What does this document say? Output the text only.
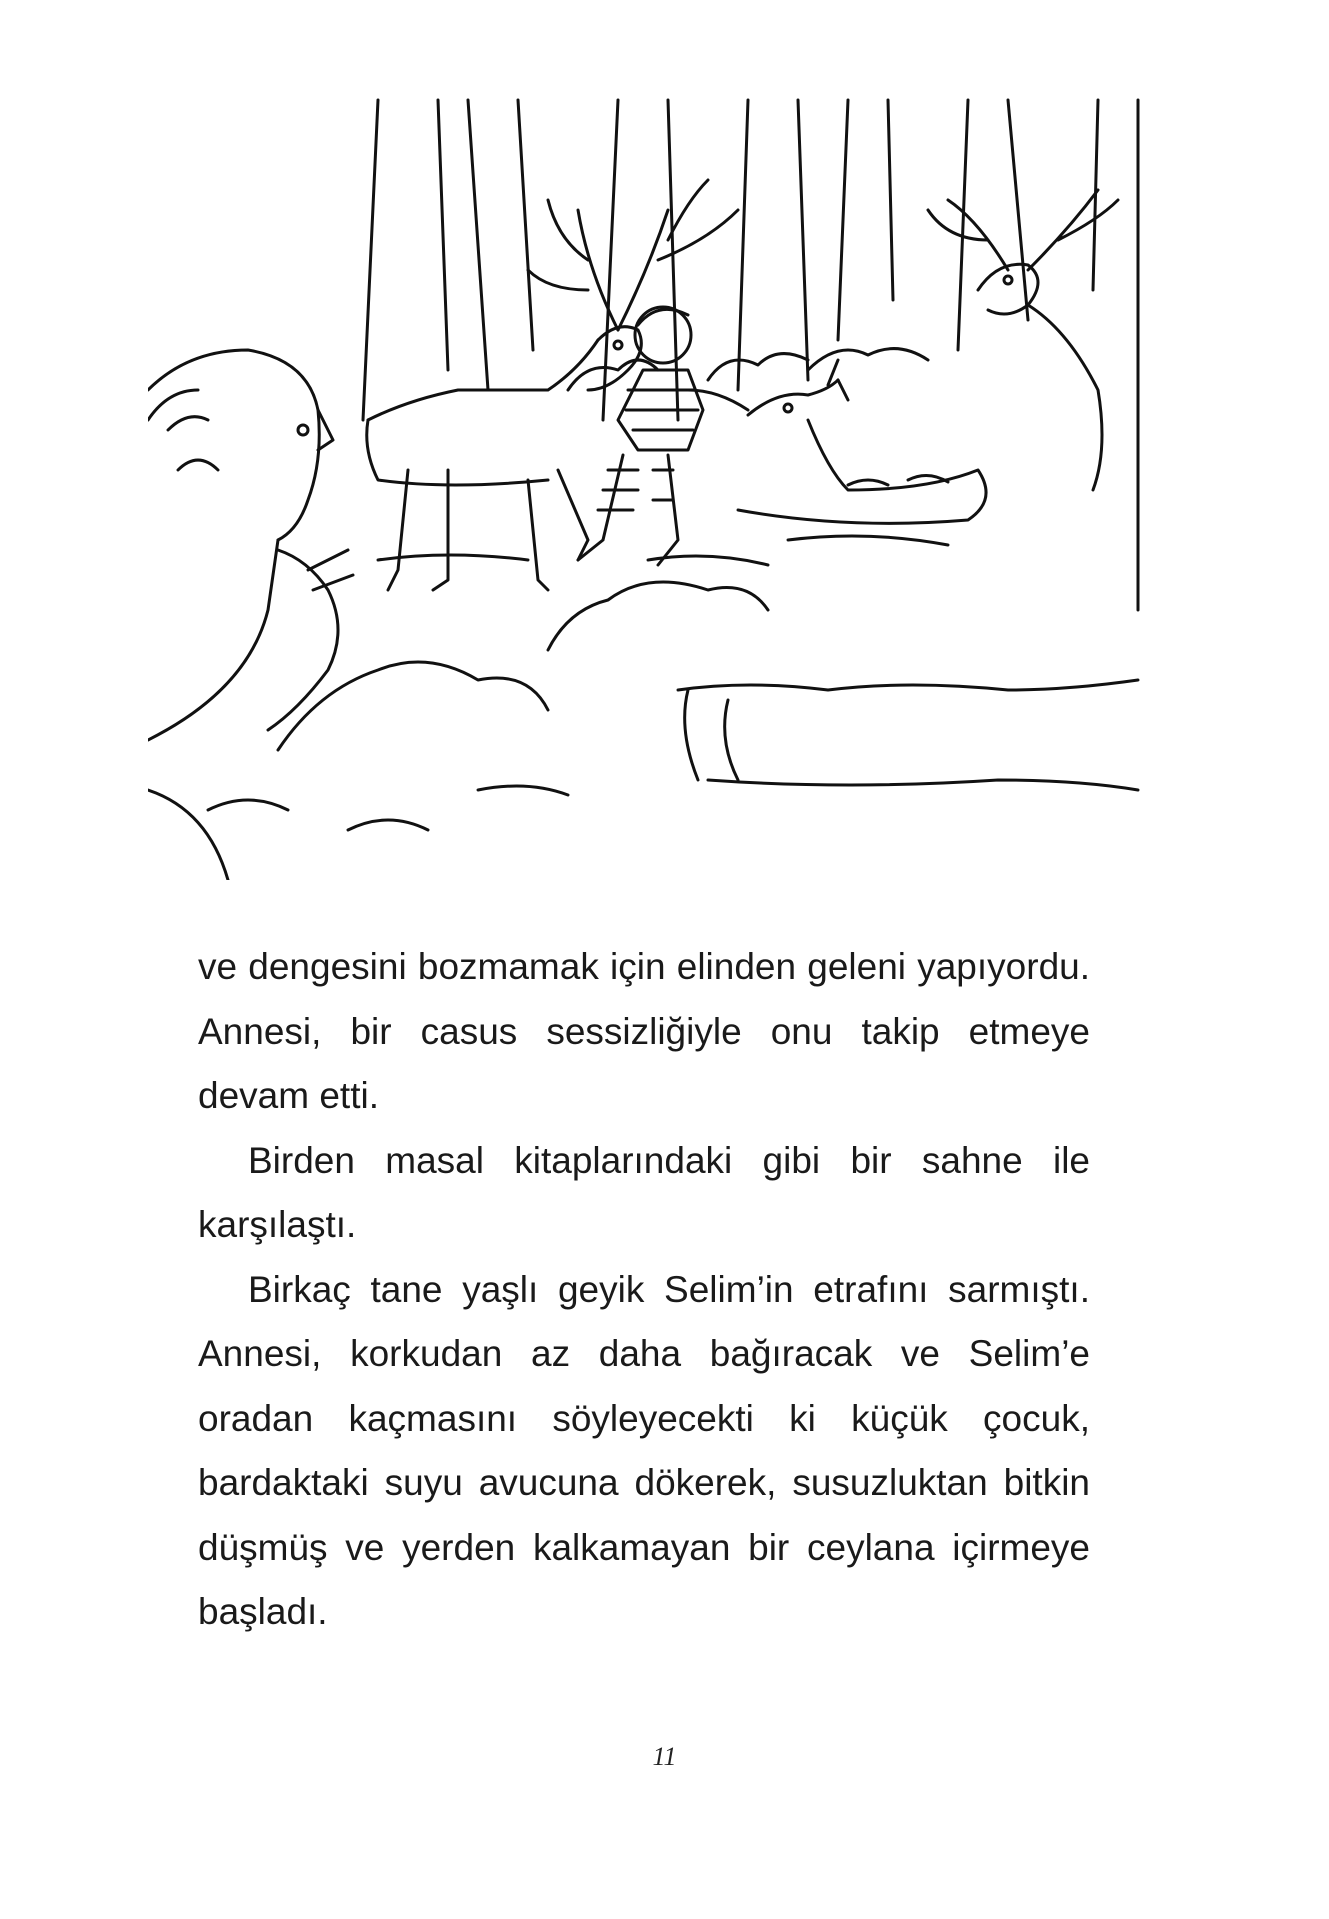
ve dengesini bozmamak için elinden geleni yapıyordu. Annesi, bir casus sessizliğiyle onu takip etmeye devam etti.

Birden masal kitaplarındaki gibi bir sahne ile karşılaştı.

Birkaç tane yaşlı geyik Selim’in etrafını sarmıştı. Annesi, korkudan az daha bağıracak ve Selim’e oradan kaçmasını söyleyecekti ki küçük çocuk, bardaktaki suyu avucuna dökerek, susuzluktan bitkin düşmüş ve yerden kalkamayan bir ceylana içirmeye başladı.

11
